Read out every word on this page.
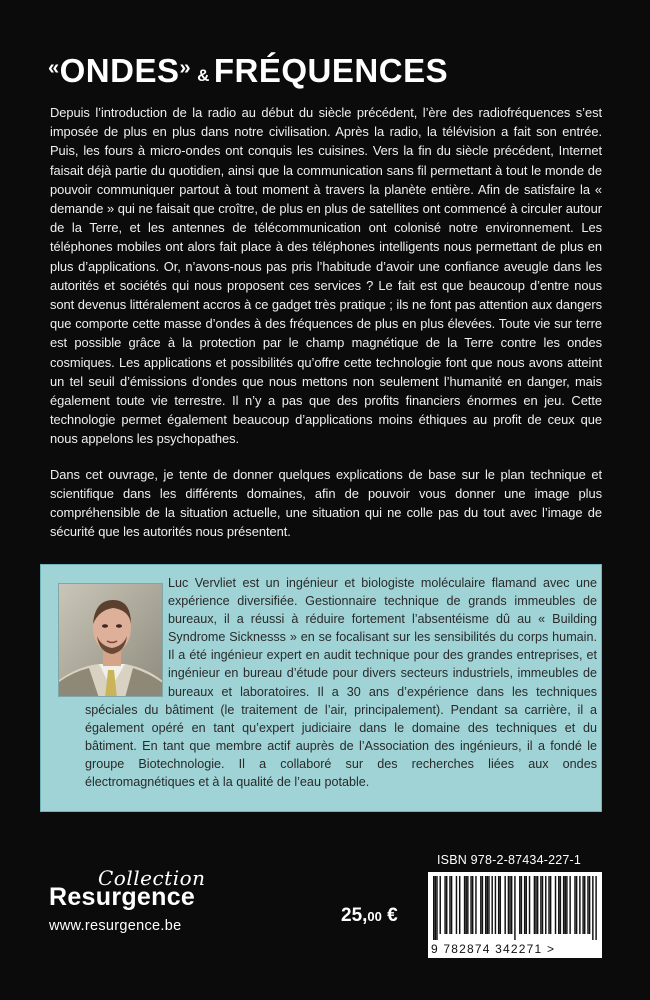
«ONDES» & FRÉQUENCES

Depuis l’introduction de la radio au début du siècle précédent, l’ère des radiofréquences s’est imposée de plus en plus dans notre civilisation. Après la radio, la télévision a fait son entrée. Puis, les fours à micro-ondes ont conquis les cuisines. Vers la fin du siècle précédent, Internet faisait déjà partie du quotidien, ainsi que la communication sans fil permettant à tout le monde de pouvoir communiquer partout à tout moment à travers la planète entière. Afin de satisfaire la « demande » qui ne faisait que croître, de plus en plus de satellites ont commencé à circuler autour de la Terre, et les antennes de télécommunication ont colonisé notre environnement. Les téléphones mobiles ont alors fait place à des téléphones intelligents nous permettant de plus en plus d’applications. Or, n’avons-nous pas pris l’habitude d’avoir une confiance aveugle dans les autorités et sociétés qui nous proposent ces services ? Le fait est que beaucoup d’entre nous sont devenus littéralement accros à ce gadget très pratique ; ils ne font pas attention aux dangers que comporte cette masse d’ondes à des fréquences de plus en plus élevées. Toute vie sur terre est possible grâce à la protection par le champ magnétique de la Terre contre les ondes cosmiques. Les applications et possibilités qu’offre cette technologie font que nous avons atteint un tel seuil d’émissions d’ondes que nous mettons non seulement l’humanité en danger, mais également toute vie terrestre. Il n’y a pas que des profits financiers énormes en jeu. Cette technologie permet également beaucoup d’applications moins éthiques au profit de ceux que nous appelons les psychopathes.

Dans cet ouvrage, je tente de donner quelques explications de base sur le plan technique et scientifique dans les différents domaines, afin de pouvoir vous donner une image plus compréhensible de la situation actuelle, une situation qui ne colle pas du tout avec l’image de sécurité que les autorités nous présentent.

Luc Vervliet est un ingénieur et biologiste moléculaire flamand avec une expérience diversifiée. Gestionnaire technique de grands immeubles de bureaux, il a réussi à réduire fortement l’absentéisme dû au « Building Syndrome Sicknesss » en se focalisant sur les sensibilités du corps humain. Il a été ingénieur expert en audit technique pour des grandes entreprises, et ingénieur en bureau d’étude pour divers secteurs industriels, immeubles de bureaux et laboratoires. Il a 30 ans d’expérience dans les techniques spéciales du bâtiment (le traitement de l’air, principalement). Pendant sa carrière, il a également opéré en tant qu’expert judiciaire dans le domaine des techniques et du bâtiment. En tant que membre actif auprès de l’Association des ingénieurs, il a fondé le groupe Biotechnologie. Il a collaboré sur des recherches liées aux ondes électromagnétiques et à la qualité de l’eau potable.
Collection
Resurgence
www.resurgence.be	25,00 €
ISBN 978-2-87434-227-1
9 782874 342271 >
